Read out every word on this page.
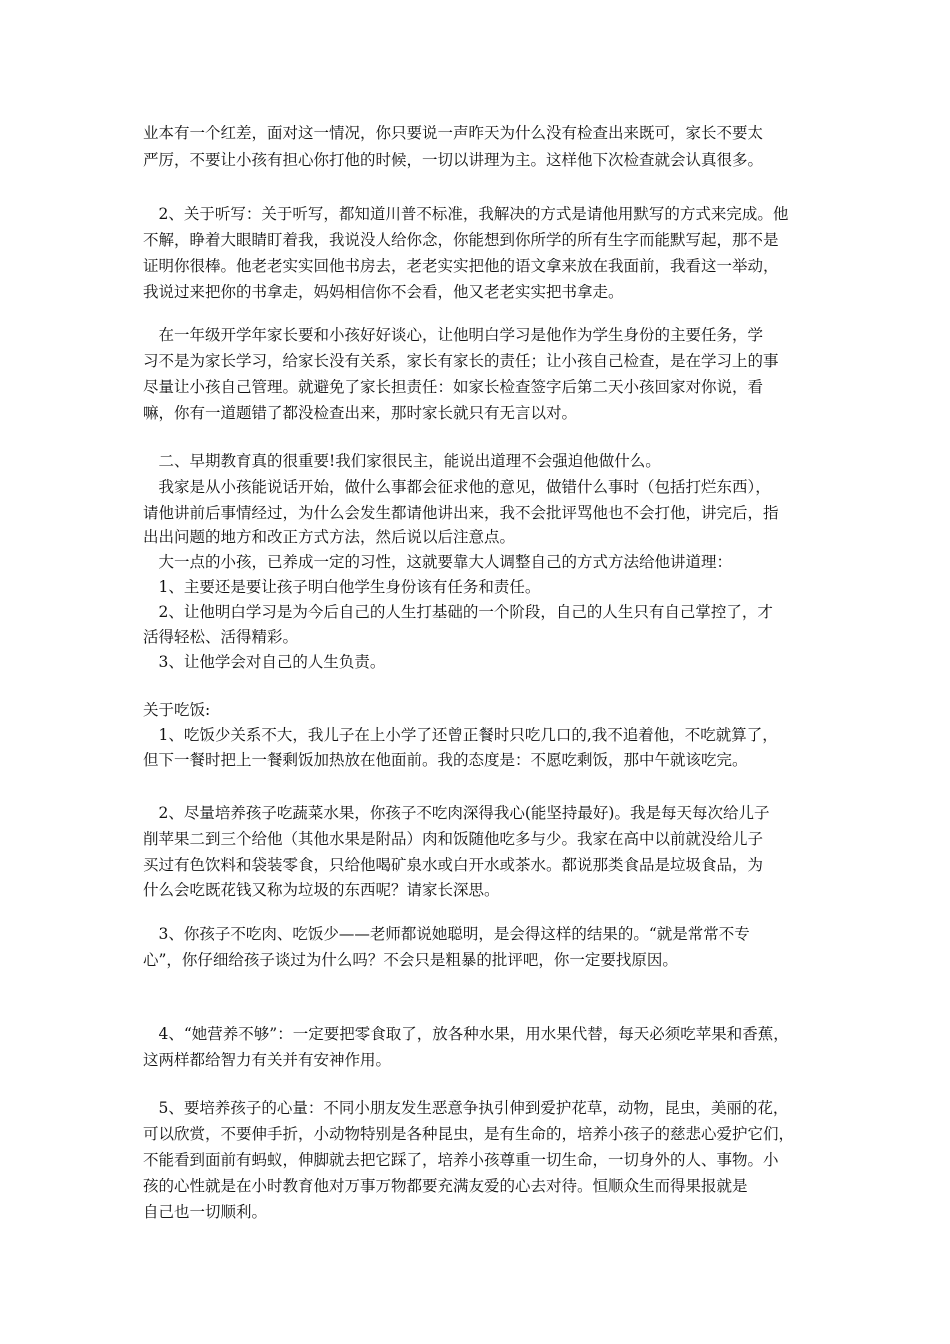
业本有一个红差，面对这一情况，你只要说一声昨天为什么没有检查出来既可，家长不要太
严厉，不要让小孩有担心你打他的时候，一切以讲理为主。这样他下次检查就会认真很多。
　2、关于听写：关于听写，都知道川普不标准，我解决的方式是请他用默写的方式来完成。他
不解，睁着大眼睛盯着我，我说没人给你念，你能想到你所学的所有生字而能默写起，那不是
证明你很棒。他老老实实回他书房去，老老实实把他的语文拿来放在我面前，我看这一举动，
我说过来把你的书拿走，妈妈相信你不会看，他又老老实实把书拿走。
　在一年级开学年家长要和小孩好好谈心，让他明白学习是他作为学生身份的主要任务，学
习不是为家长学习，给家长没有关系，家长有家长的责任；让小孩自己检查，是在学习上的事
尽量让小孩自己管理。就避免了家长担责任：如家长检查签字后第二天小孩回家对你说，看
嘛，你有一道题错了都没检查出来，那时家长就只有无言以对。
　二、早期教育真的很重要!我们家很民主，能说出道理不会强迫他做什么。
　我家是从小孩能说话开始，做什么事都会征求他的意见，做错什么事时（包括打烂东西），
请他讲前后事情经过，为什么会发生都请他讲出来，我不会批评骂他也不会打他，讲完后，指
出出问题的地方和改正方式方法，然后说以后注意点。
　大一点的小孩，已养成一定的习性，这就要靠大人调整自己的方式方法给他讲道理：
　1、主要还是要让孩子明白他学生身份该有任务和责任。
　2、让他明白学习是为今后自己的人生打基础的一个阶段，自己的人生只有自己掌控了，才
活得轻松、活得精彩。
　3、让他学会对自己的人生负责。
关于吃饭:
　1、吃饭少关系不大，我儿子在上小学了还曾正餐时只吃几口的,我不追着他，不吃就算了，
但下一餐时把上一餐剩饭加热放在他面前。我的态度是：不愿吃剩饭，那中午就该吃完。
　2、尽量培养孩子吃蔬菜水果，你孩子不吃肉深得我心(能坚持最好)。我是每天每次给儿子
削苹果二到三个给他（其他水果是附品）肉和饭随他吃多与少。我家在高中以前就没给儿子
买过有色饮料和袋装零食，只给他喝矿泉水或白开水或茶水。都说那类食品是垃圾食品，为
什么会吃既花钱又称为垃圾的东西呢？请家长深思。
　3、你孩子不吃肉、吃饭少——老师都说她聪明，是会得这样的结果的。“就是常常不专
心”，你仔细给孩子谈过为什么吗？不会只是粗暴的批评吧，你一定要找原因。
　4、“她营养不够”：一定要把零食取了，放各种水果，用水果代替，每天必须吃苹果和香蕉，
这两样都给智力有关并有安神作用。
　5、要培养孩子的心量：不同小朋友发生恶意争执引伸到爱护花草，动物，昆虫，美丽的花，
可以欣赏，不要伸手折，小动物特别是各种昆虫，是有生命的，培养小孩子的慈悲心爱护它们，
不能看到面前有蚂蚁，伸脚就去把它踩了，培养小孩尊重一切生命，一切身外的人、事物。小
孩的心性就是在小时教育他对万事万物都要充满友爱的心去对待。恒顺众生而得果报就是
自己也一切顺利。
